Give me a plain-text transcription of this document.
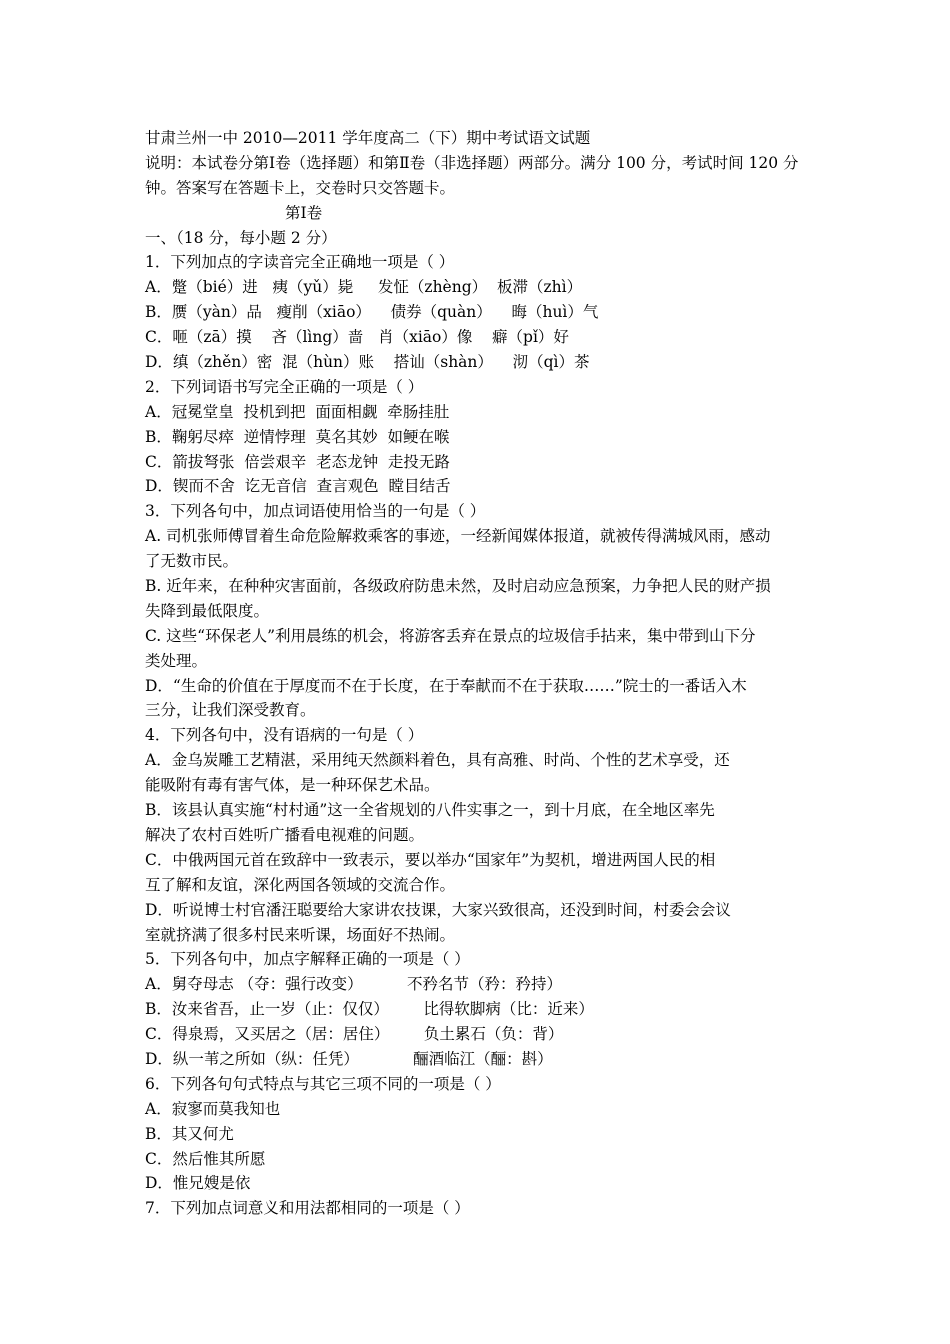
甘肃兰州一中 2010—2011 学年度高二（下）期中考试语文试题
说明：本试卷分第Ⅰ卷（选择题）和第Ⅱ卷（非选择题）两部分。满分 100 分，考试时间 120 分
钟。答案写在答题卡上，交卷时只交答题卡。
第Ⅰ卷
一、（18 分，每小题 2 分）
1．下列加点的字读音完全正确地一项是（ ）
A．蹩（bié）进   痍（yǔ）毙     发怔（zhèng）  板滞（zhì）
B．赝（yàn）品   瘦削（xiāo）    债券（quàn）    晦（huì）气
C．咂（zā）摸    吝（lìng）啬   肖（xiāo）像    癖（pǐ）好
D．缜（zhěn）密  混（hùn）账    搭讪（shàn）    沏（qì）茶
2．下列词语书写完全正确的一项是（ ）
A．冠冕堂皇  投机到把  面面相觑  牵肠挂肚
B．鞠躬尽瘁  逆情悖理  莫名其妙  如鲠在喉
C．箭拔弩张  倍尝艰辛  老态龙钟  走投无路
D．锲而不舍  讫无音信  查言观色  瞠目结舌
3．下列各句中，加点词语使用恰当的一句是（ ）
A. 司机张师傅冒着生命危险解救乘客的事迹，一经新闻媒体报道，就被传得满城风雨，感动
了无数市民。
B. 近年来，在种种灾害面前，各级政府防患未然，及时启动应急预案，力争把人民的财产损
失降到最低限度。
C. 这些“环保老人”利用晨练的机会，将游客丢弃在景点的垃圾信手拈来，集中带到山下分
类处理。
D．“生命的价值在于厚度而不在于长度，在于奉献而不在于获取……”院士的一番话入木
三分，让我们深受教育。
4．下列各句中，没有语病的一句是（ ）
A．金乌炭雕工艺精湛，采用纯天然颜料着色，具有高雅、时尚、个性的艺术享受，还
能吸附有毒有害气体，是一种环保艺术品。
B．该县认真实施“村村通”这一全省规划的八件实事之一，到十月底，在全地区率先
解决了农村百姓听广播看电视难的问题。
C．中俄两国元首在致辞中一致表示，要以举办“国家年”为契机，增进两国人民的相
互了解和友谊，深化两国各领域的交流合作。
D．听说博士村官潘汪聪要给大家讲农技课，大家兴致很高，还没到时间，村委会会议
室就挤满了很多村民来听课，场面好不热闹。
5．下列各句中，加点字解释正确的一项是（ ）
A．舅夺母志 （夺：强行改变）         不矜名节（矜：矜持）
B．汝来省吾，止一岁（止：仅仅）       比得软脚病（比：近来）
C．得泉焉，又买居之（居：居住）       负土累石（负：背）
D．纵一苇之所如（纵：任凭）           酾酒临江（酾：斟）
6．下列各句句式特点与其它三项不同的一项是（ ）
A．寂寥而莫我知也
B．其又何尤
C．然后惟其所愿
D．惟兄嫂是依
7．下列加点词意义和用法都相同的一项是（ ）
